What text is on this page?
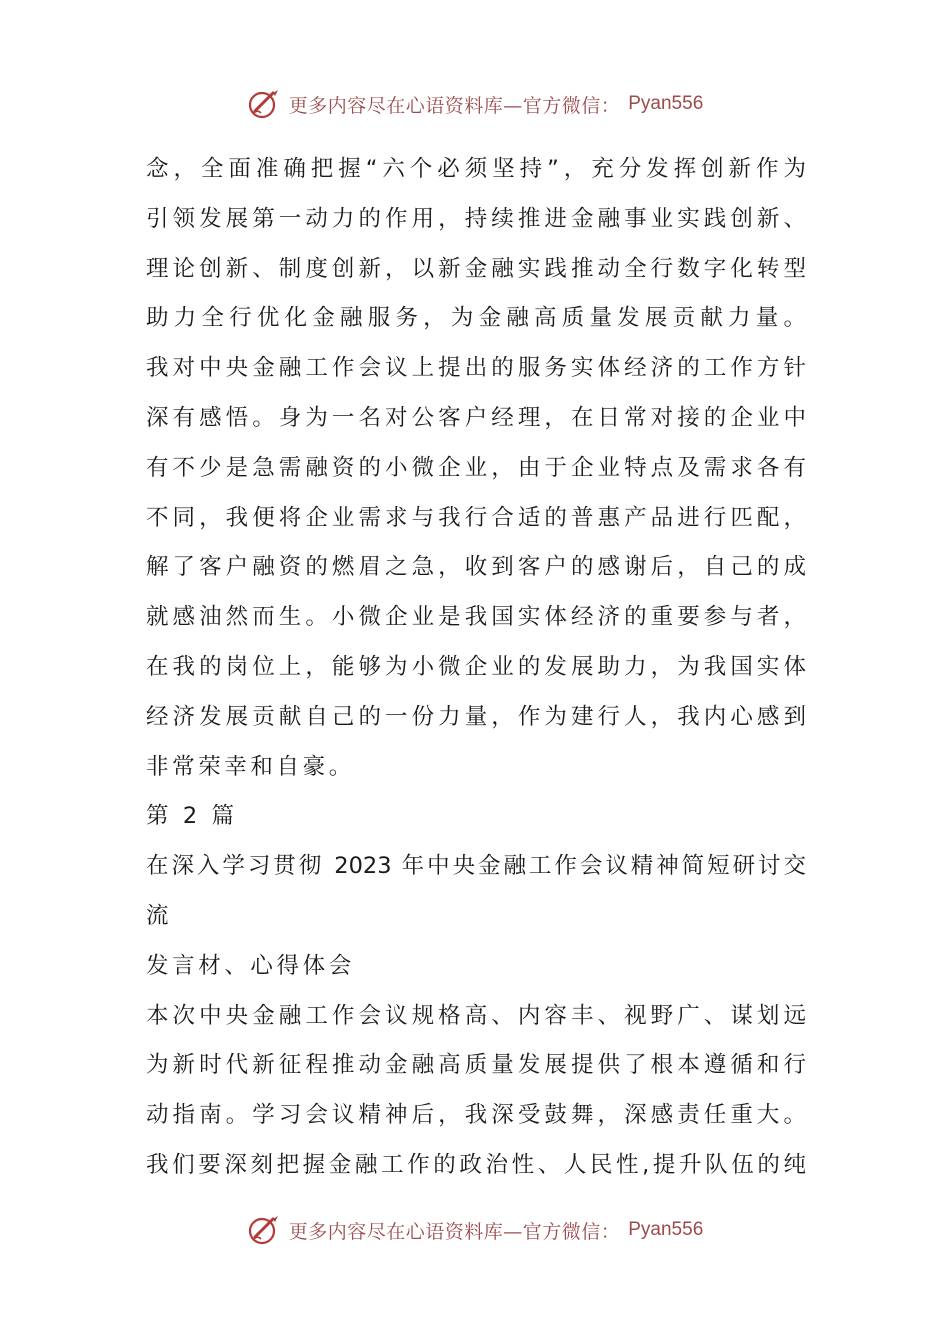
更多内容尽在心语资料库—官方微信： Pyan556
念，全面准确把握“六个必须坚持”，充分发挥创新作为
引领发展第一动力的作用，持续推进金融事业实践创新、
理论创新、制度创新，以新金融实践推动全行数字化转型
助力全行优化金融服务，为金融高质量发展贡献力量。
我对中央金融工作会议上提出的服务实体经济的工作方针
深有感悟。身为一名对公客户经理，在日常对接的企业中
有不少是急需融资的小微企业，由于企业特点及需求各有
不同，我便将企业需求与我行合适的普惠产品进行匹配，
解了客户融资的燃眉之急，收到客户的感谢后，自己的成
就感油然而生。小微企业是我国实体经济的重要参与者，
在我的岗位上，能够为小微企业的发展助力，为我国实体
经济发展贡献自己的一份力量，作为建行人，我内心感到
非常荣幸和自豪。
第 2 篇
在深入学习贯彻 2023 年中央金融工作会议精神简短研讨交
流
发言材、心得体会
本次中央金融工作会议规格高、内容丰、视野广、谋划远
为新时代新征程推动金融高质量发展提供了根本遵循和行
动指南。学习会议精神后，我深受鼓舞，深感责任重大。
我们要深刻把握金融工作的政治性、人民性,提升队伍的纯
更多内容尽在心语资料库—官方微信： Pyan556
